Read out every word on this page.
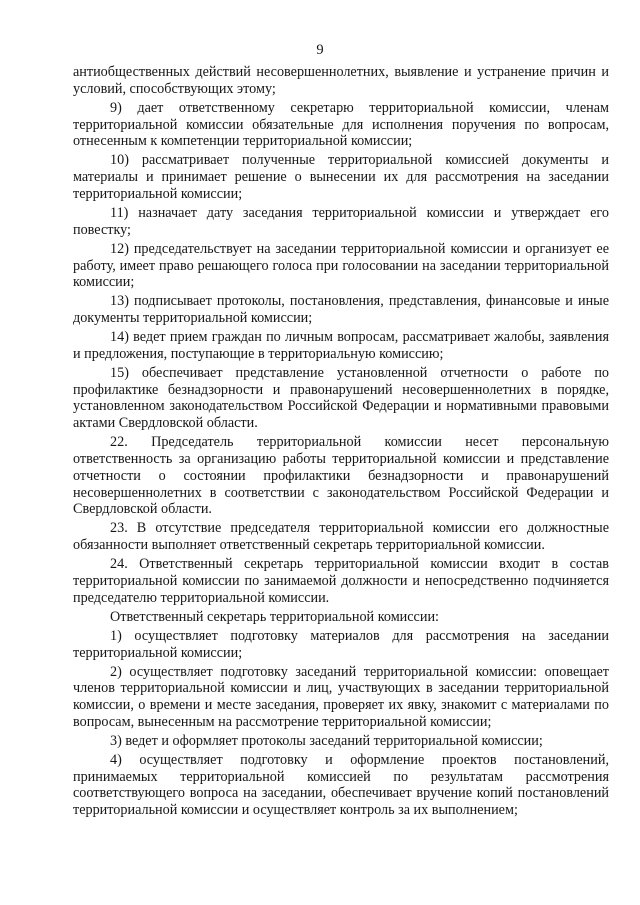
9

антиобщественных действий несовершеннолетних, выявление и устранение причин и условий, способствующих этому;

9) дает ответственному секретарю территориальной комиссии, членам территориальной комиссии обязательные для исполнения поручения по вопросам, отнесенным к компетенции территориальной комиссии;

10) рассматривает полученные территориальной комиссией документы и материалы и принимает решение о вынесении их для рассмотрения на заседании территориальной комиссии;

11) назначает дату заседания территориальной комиссии и утверждает его повестку;

12) председательствует на заседании территориальной комиссии и организует ее работу, имеет право решающего голоса при голосовании на заседании территориальной комиссии;

13) подписывает протоколы, постановления, представления, финансовые и иные документы территориальной комиссии;

14) ведет прием граждан по личным вопросам, рассматривает жалобы, заявления и предложения, поступающие в территориальную комиссию;

15) обеспечивает представление установленной отчетности о работе по профилактике безнадзорности и правонарушений несовершеннолетних в порядке, установленном законодательством Российской Федерации и нормативными правовыми актами Свердловской области.

22. Председатель территориальной комиссии несет персональную ответственность за организацию работы территориальной комиссии и представление отчетности о состоянии профилактики безнадзорности и правонарушений несовершеннолетних в соответствии с законодательством Российской Федерации и Свердловской области.

23. В отсутствие председателя территориальной комиссии его должностные обязанности выполняет ответственный секретарь территориальной комиссии.

24. Ответственный секретарь территориальной комиссии входит в состав территориальной комиссии по занимаемой должности и непосредственно подчиняется председателю территориальной комиссии.

Ответственный секретарь территориальной комиссии:

1) осуществляет подготовку материалов для рассмотрения на заседании территориальной комиссии;

2) осуществляет подготовку заседаний территориальной комиссии: оповещает членов территориальной комиссии и лиц, участвующих в заседании территориальной комиссии, о времени и месте заседания, проверяет их явку, знакомит с материалами по вопросам, вынесенным на рассмотрение территориальной комиссии;

3) ведет и оформляет протоколы заседаний территориальной комиссии;

4) осуществляет подготовку и оформление проектов постановлений, принимаемых территориальной комиссией по результатам рассмотрения соответствующего вопроса на заседании, обеспечивает вручение копий постановлений территориальной комиссии и осуществляет контроль за их выполнением;
